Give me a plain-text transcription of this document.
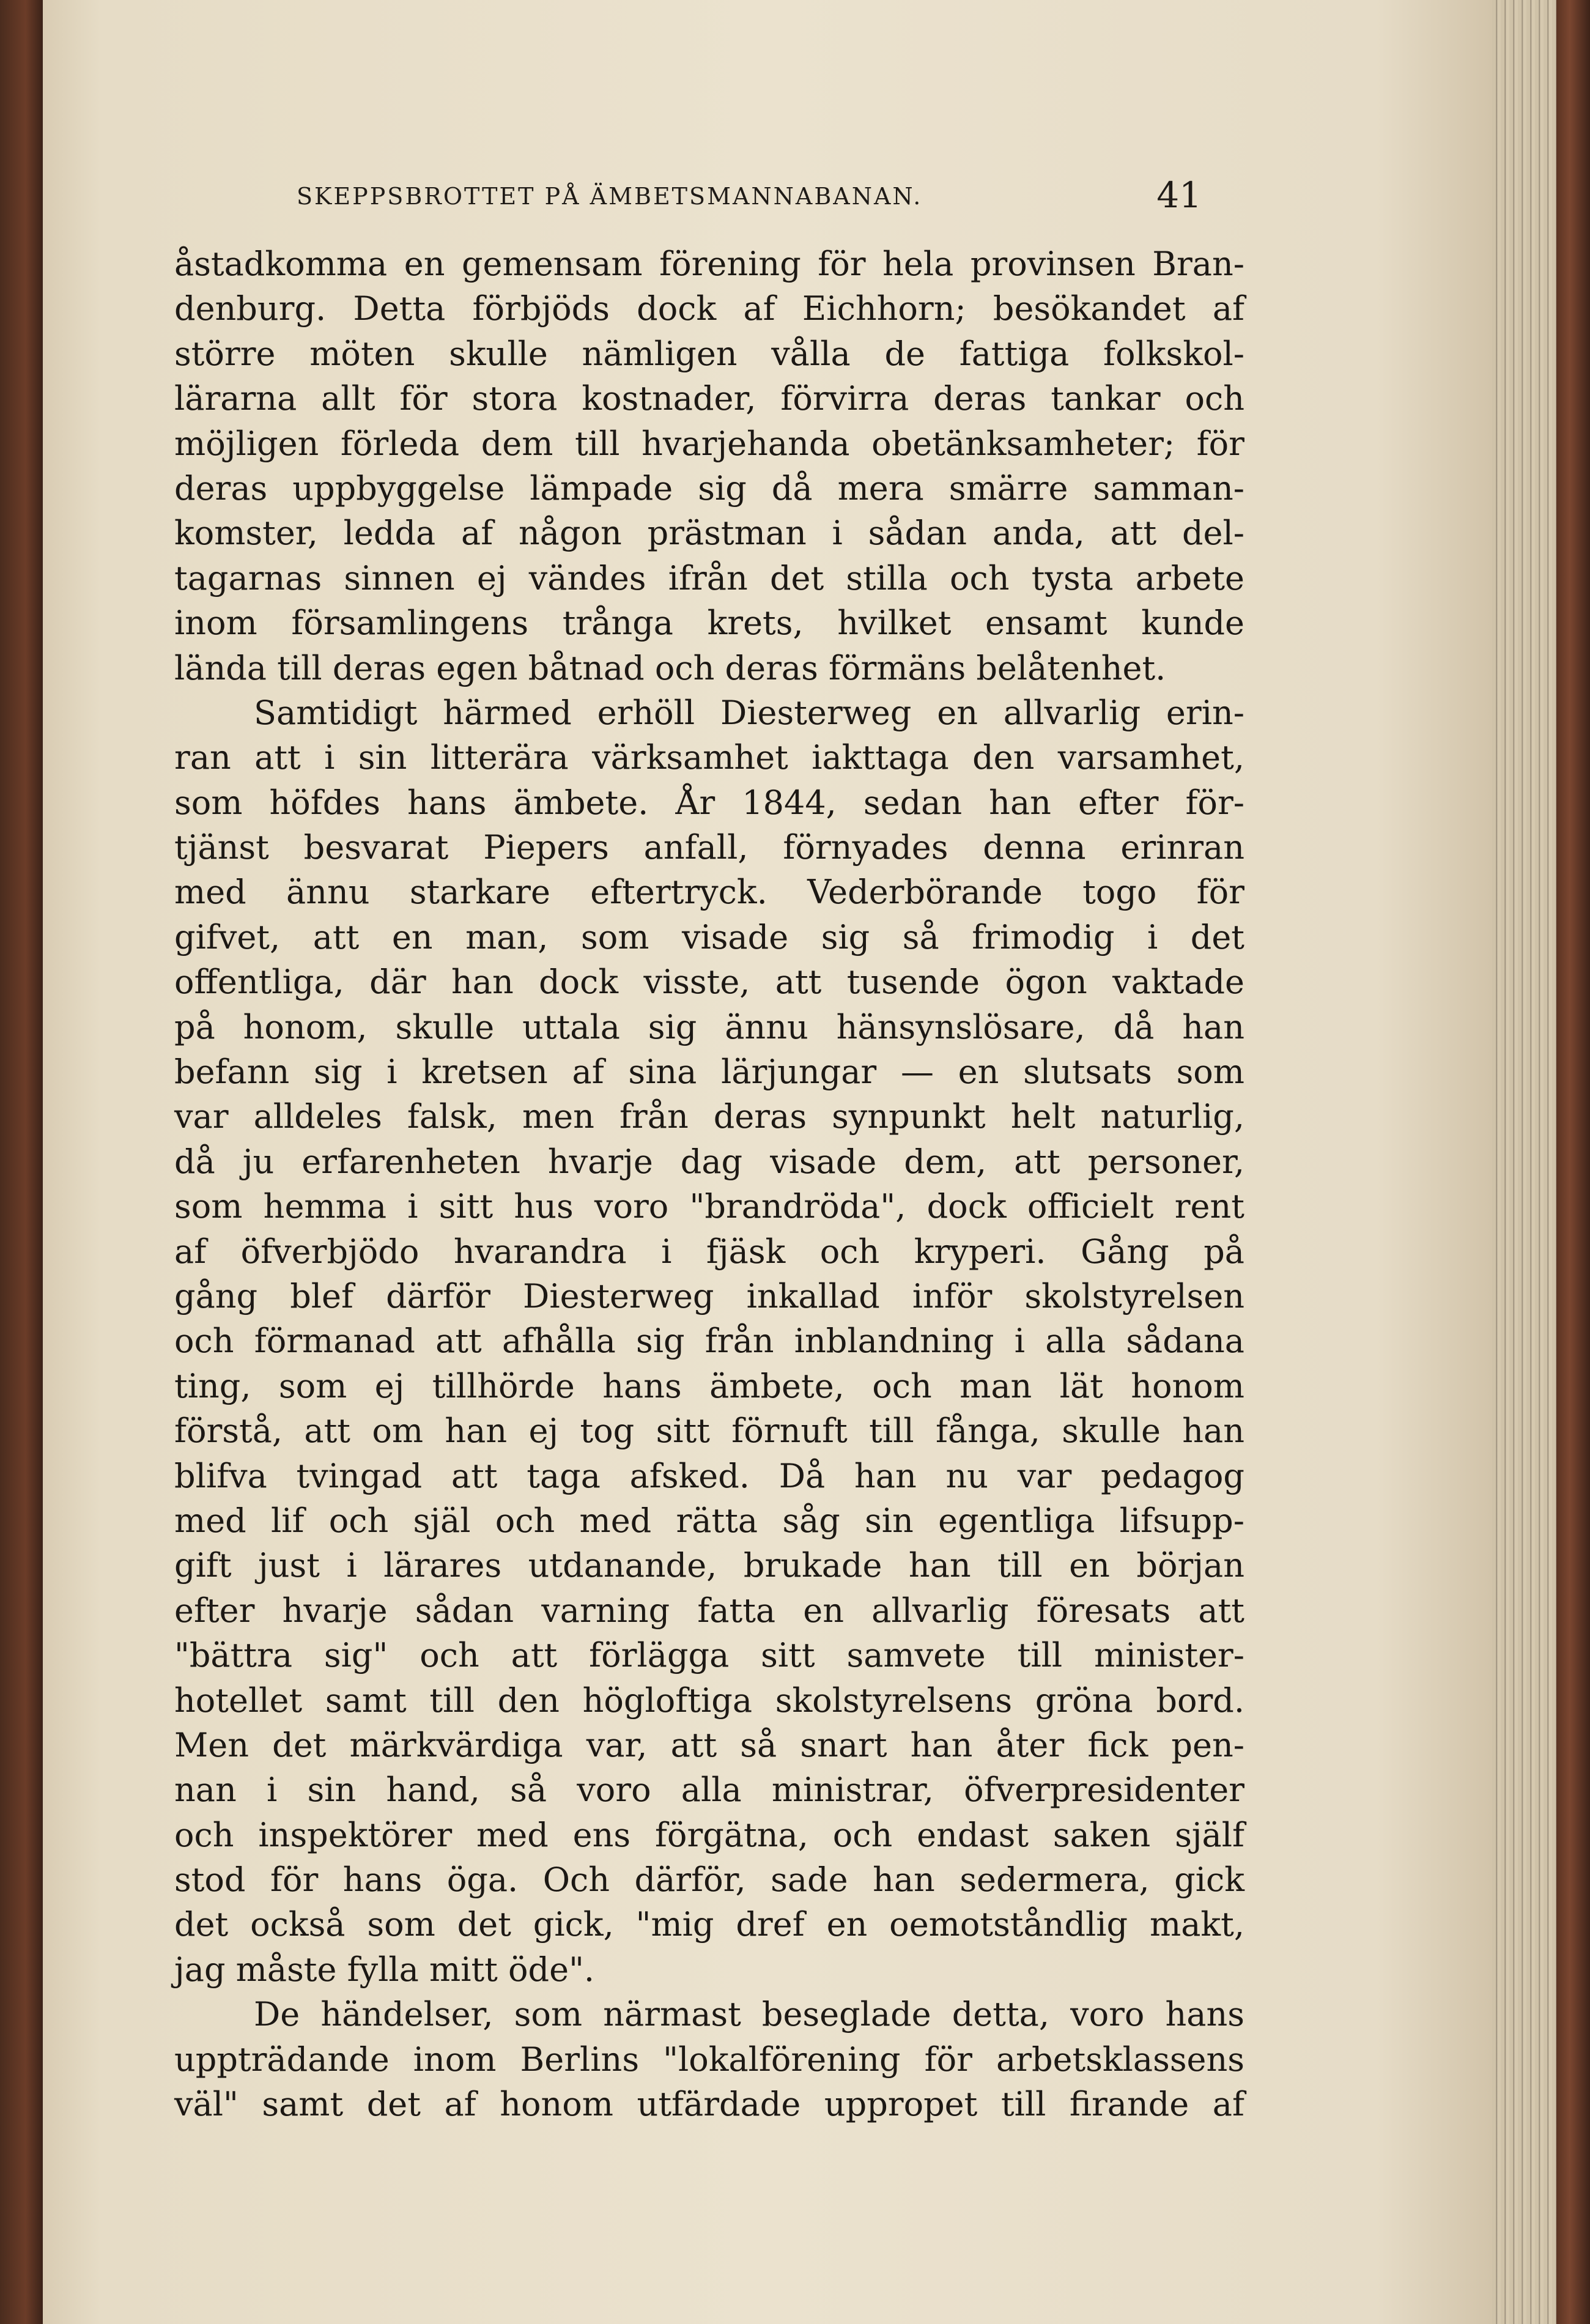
SKEPPSBROTTET PÅ ÄMBETSMANNABANAN.	41
åstadkomma en gemensam förening för hela provinsen Bran-
denburg. Detta förbjöds dock af Eichhorn; besökandet af
större möten skulle nämligen vålla de fattiga folkskol-
lärarna allt för stora kostnader, förvirra deras tankar och
möjligen förleda dem till hvarjehanda obetänksamheter; för
deras uppbyggelse lämpade sig då mera smärre samman-
komster, ledda af någon prästman i sådan anda, att del-
tagarnas sinnen ej vändes ifrån det stilla och tysta arbete
inom församlingens trånga krets, hvilket ensamt kunde
lända till deras egen båtnad och deras förmäns belåtenhet.
Samtidigt härmed erhöll Diesterweg en allvarlig erin-
ran att i sin litterära värksamhet iakttaga den varsamhet,
som höfdes hans ämbete. År 1844, sedan han efter för-
tjänst besvarat Piepers anfall, förnyades denna erinran
med ännu starkare eftertryck. Vederbörande togo för
gifvet, att en man, som visade sig så frimodig i det
offentliga, där han dock visste, att tusende ögon vaktade
på honom, skulle uttala sig ännu hänsynslösare, då han
befann sig i kretsen af sina lärjungar — en slutsats som
var alldeles falsk, men från deras synpunkt helt naturlig,
då ju erfarenheten hvarje dag visade dem, att personer,
som hemma i sitt hus voro "brandröda", dock officielt rent
af öfverbjödo hvarandra i fjäsk och kryperi. Gång på
gång blef därför Diesterweg inkallad inför skolstyrelsen
och förmanad att afhålla sig från inblandning i alla sådana
ting, som ej tillhörde hans ämbete, och man lät honom
förstå, att om han ej tog sitt förnuft till fånga, skulle han
blifva tvingad att taga afsked. Då han nu var pedagog
med lif och själ och med rätta såg sin egentliga lifsupp-
gift just i lärares utdanande, brukade han till en början
efter hvarje sådan varning fatta en allvarlig föresats att
"bättra sig" och att förlägga sitt samvete till minister-
hotellet samt till den högloftiga skolstyrelsens gröna bord.
Men det märkvärdiga var, att så snart han åter fick pen-
nan i sin hand, så voro alla ministrar, öfverpresidenter
och inspektörer med ens förgätna, och endast saken själf
stod för hans öga. Och därför, sade han sedermera, gick
det också som det gick, "mig dref en oemotståndlig makt,
jag måste fylla mitt öde".
De händelser, som närmast beseglade detta, voro hans
uppträdande inom Berlins "lokalförening för arbetsklassens
väl" samt det af honom utfärdade uppropet till firande af
